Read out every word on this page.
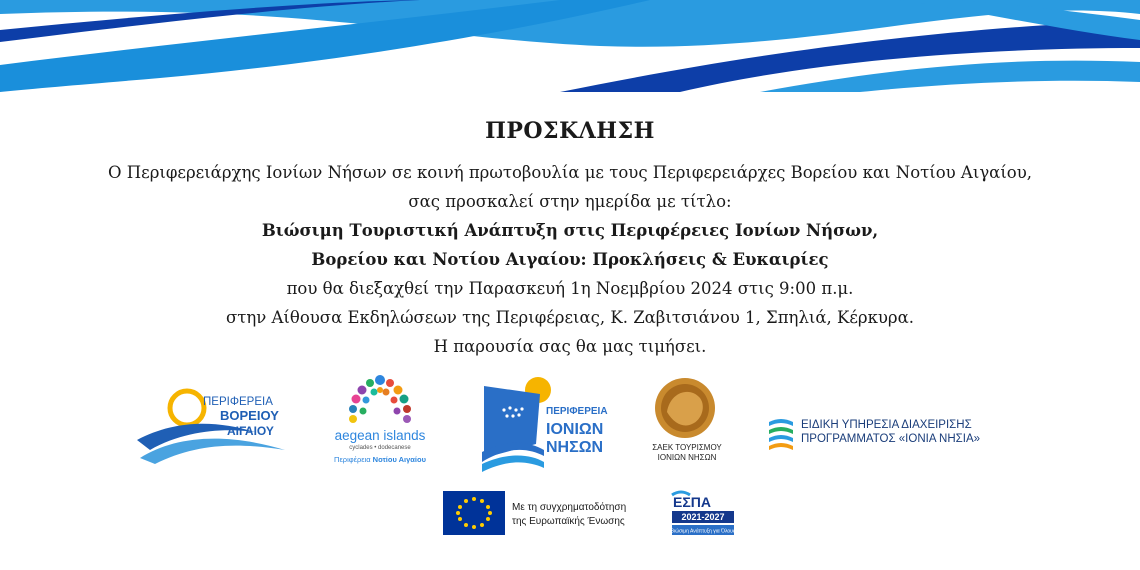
ΠΡΟΣΚΛΗΣΗ

Ο Περιφερειάρχης Ιονίων Νήσων σε κοινή πρωτοβουλία με τους Περιφερειάρχες Βορείου και Νοτίου Αιγαίου,

σας προσκαλεί στην ημερίδα με τίτλο:

Βιώσιμη Τουριστική Ανάπτυξη στις Περιφέρειες Ιονίων Νήσων,

Βορείου και Νοτίου Αιγαίου: Προκλήσεις & Ευκαιρίες

που θα διεξαχθεί την Παρασκευή 1η Νοεμβρίου 2024 στις 9:00 π.μ.

στην Αίθουσα Εκδηλώσεων της Περιφέρειας, Κ. Ζαβιτσιάνου 1, Σπηλιά, Κέρκυρα.

Η παρουσία σας θα μας τιμήσει.

ΠΕΡΙΦΕΡΕΙΑ
ΒΟΡΕΙΟΥ
ΑΙΓΑΙΟΥ	aegean islands
cyclades • dodecanese
Περιφέρεια Νοτίου Αιγαίου
ΠΕΡΙΦΕΡΕΙΑ
ΙΟΝΙΩΝ
ΝΗΣΩΝ	ΣΑΕΚ ΤΟΥΡΙΣΜΟΥ
ΙΟΝΙΩΝ ΝΗΣΩΝ
ΕΙΔΙΚΗ ΥΠΗΡΕΣΙΑ ΔΙΑΧΕΙΡΙΣΗΣ
ΠΡΟΓΡΑΜΜΑΤΟΣ «ΙΟΝΙΑ ΝΗΣΙΑ»
Με τη συγχρηματοδότηση
της Ευρωπαϊκής Ένωσης
ΕΣΠΑ
2021-2027
Βιώσιμη Ανάπτυξη για Όλους
